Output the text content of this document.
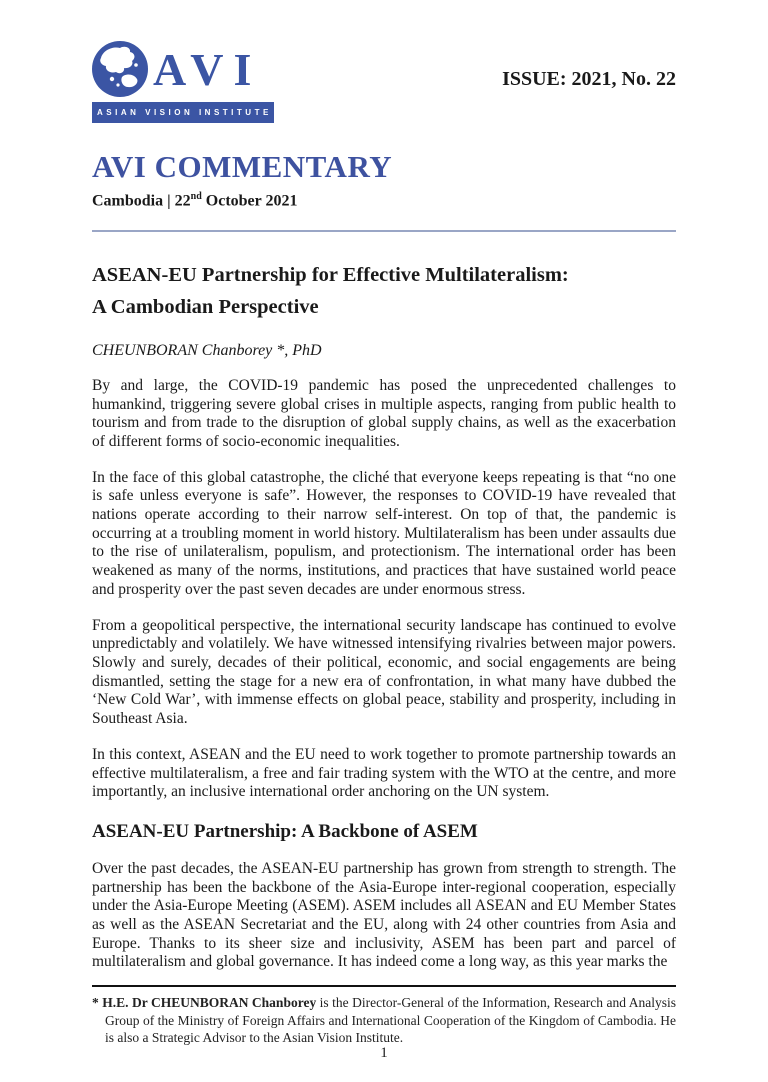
AVI
ASIAN VISION INSTITUTE
ISSUE: 2021, No. 22
AVI COMMENTARY
Cambodia | 22nd October 2021
ASEAN-EU Partnership for Effective Multilateralism:
A Cambodian Perspective
CHEUNBORAN Chanborey *, PhD

By and large, the COVID-19 pandemic has posed the unprecedented challenges to humankind, triggering severe global crises in multiple aspects, ranging from public health to tourism and from trade to the disruption of global supply chains, as well as the exacerbation of different forms of socio-economic inequalities.

In the face of this global catastrophe, the cliché that everyone keeps repeating is that “no one is safe unless everyone is safe”. However, the responses to COVID-19 have revealed that nations operate according to their narrow self-interest. On top of that, the pandemic is occurring at a troubling moment in world history. Multilateralism has been under assaults due to the rise of unilateralism, populism, and protectionism. The international order has been weakened as many of the norms, institutions, and practices that have sustained world peace and prosperity over the past seven decades are under enormous stress.

From a geopolitical perspective, the international security landscape has continued to evolve unpredictably and volatilely. We have witnessed intensifying rivalries between major powers. Slowly and surely, decades of their political, economic, and social engagements are being dismantled, setting the stage for a new era of confrontation, in what many have dubbed the ‘New Cold War’, with immense effects on global peace, stability and prosperity, including in Southeast Asia.

In this context, ASEAN and the EU need to work together to promote partnership towards an effective multilateralism, a free and fair trading system with the WTO at the centre, and more importantly, an inclusive international order anchoring on the UN system.

ASEAN-EU Partnership: A Backbone of ASEM

Over the past decades, the ASEAN-EU partnership has grown from strength to strength. The partnership has been the backbone of the Asia-Europe inter-regional cooperation, especially under the Asia-Europe Meeting (ASEM). ASEM includes all ASEAN and EU Member States as well as the ASEAN Secretariat and the EU, along with 24 other countries from Asia and Europe. Thanks to its sheer size and inclusivity, ASEM has been part and parcel of multilateralism and global governance. It has indeed come a long way, as this year marks the

* H.E. Dr CHEUNBORAN Chanborey is the Director-General of the Information, Research and Analysis Group of the Ministry of Foreign Affairs and International Cooperation of the Kingdom of Cambodia. He is also a Strategic Advisor to the Asian Vision Institute.
1
